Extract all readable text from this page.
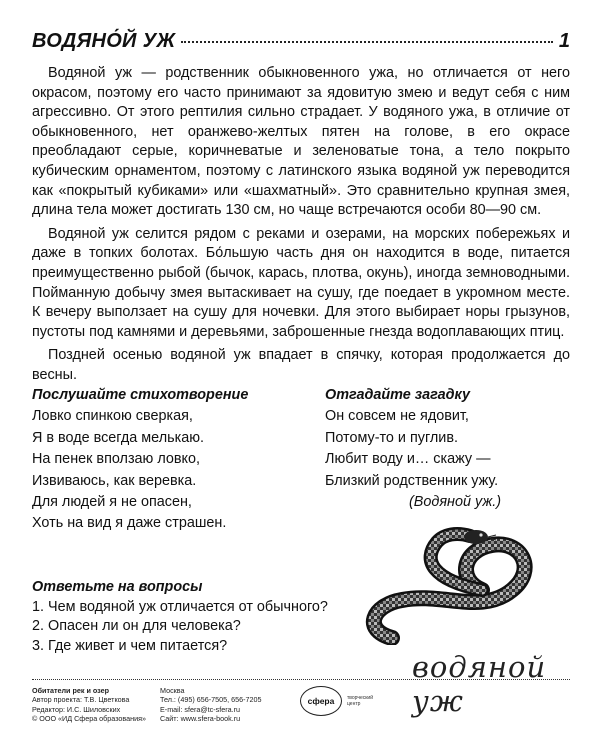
ВОДЯНО́Й УЖ	1

Водяной уж — родственник обыкновенного ужа, но отличается от него окрасом, поэтому его часто принимают за ядовитую змею и ведут себя с ним агрессивно. От этого рептилия сильно страдает. У водяного ужа, в отличие от обыкновенного, нет оранжево-желтых пятен на голове, в его окрасе преобладают серые, коричневатые и зеленоватые тона, а тело покрыто кубическим орнаментом, поэтому с латинского языка водяной уж переводится как «покрытый кубиками» или «шахматный». Это сравнительно крупная змея, длина тела может достигать 130 см, но чаще встречаются особи 80—90 см.

Водяной уж селится рядом с реками и озерами, на морских побережьях и даже в топких болотах. Бо́льшую часть дня он находится в воде, питается преимущественно рыбой (бычок, карась, плотва, окунь), иногда земноводными. Пойманную добычу змея вытаскивает на сушу, где поедает в укромном месте. К вечеру выползает на сушу для ночевки. Для этого выбирает норы грызунов, пустоты под камнями и деревьями, заброшенные гнезда водоплавающих птиц.

Поздней осенью водяной уж впадает в спячку, которая продолжается до весны.

Послушайте стихотворение
Ловко спинкою сверкая,
Я в воде всегда мелькаю.
На пенек вползаю ловко,
Извиваюсь, как веревка.
Для людей я не опасен,
Хоть на вид я даже страшен.
Отгадайте загадку
Он совсем не ядовит,
Потому-то и пуглив.
Любит воду и… скажу —
Близкий родственник ужу.
(Водяной уж.)
Ответьте на вопросы
1. Чем водяной уж отличается от обычного?
2. Опасен ли он для человека?
3. Где живет и чем питается?
водяной уж
Обитатели рек и озер
Автор проекта: Т.В. Цветкова
Редактор: И.С. Шиловских
© ООО «ИД Сфера образования»
Москва
Тел.: (495) 656-7505, 656-7205
E-mail: sfera@tc-sfera.ru
Сайт: www.sfera-book.ru
сфера	творческий центр
